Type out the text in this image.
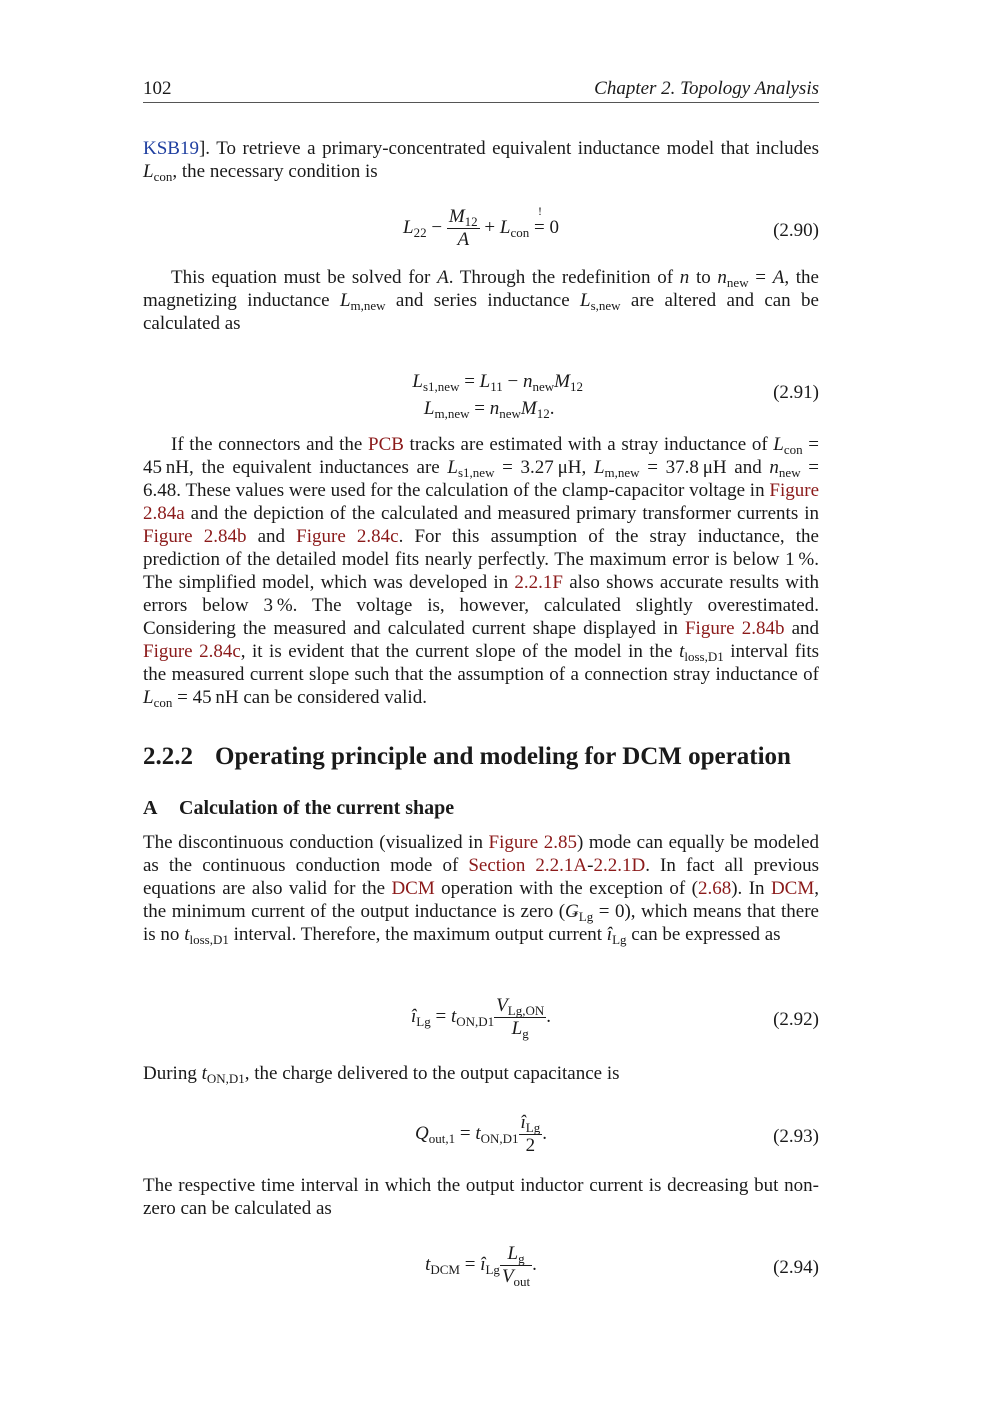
102	Chapter 2. Topology Analysis
KSB19]. To retrieve a primary-concentrated equivalent inductance model that includes $L_{con}$, the necessary condition is
$L_{22} - \frac{M_{12}}{A} + L_{con}$ =
!
0	(2.90)
This equation must be solved for A. Through the redefinition of n to $n_{new} = A$, the magnetizing inductance $L_{m,new}$ and series inductance $L_{s,new}$ are altered and can be calculated as
$L_{s1,new} = L_{11} - n_{new}M_{12}$
$L_{m,new} = n_{new}M_{12}$.
(2.91)
If the connectors and the PCB tracks are estimated with a stray inductance of $L_{con} = 45$ nH, the equivalent inductances are $L_{s1,new} = 3.27$ μH, $L_{m,new} = 37.8$ μH and $n_{new} = 6.48$. These values were used for the calculation of the clamp-capacitor voltage in Figure 2.84a and the depiction of the calculated and measured primary transformer currents in Figure 2.84b and Figure 2.84c. For this assumption of the stray inductance, the prediction of the detailed model fits nearly perfectly. The maximum error is below 1 %. The simplified model, which was developed in 2.2.1F also shows accurate results with errors below 3 %. The voltage is, however, calculated slightly overestimated. Considering the measured and calculated current shape displayed in Figure 2.84b and Figure 2.84c, it is evident that the current slope of the model in the $t_{loss,D1}$ interval fits the measured current slope such that the assumption of a connection stray inductance of $L_{con} = 45$ nH can be considered valid.
2.2.2 Operating principle and modeling for DCM operation
A Calculation of the current shape
The discontinuous conduction (visualized in Figure 2.85) mode can equally be modeled as the continuous conduction mode of Section 2.2.1A-2.2.1D. In fact all previous equations are also valid for the DCM operation with the exception of (2.68). In DCM, the minimum current of the output inductance is zero $(Ǥ_{Lg} = 0)$, which means that there is no $t_{loss,D1}$ interval. Therefore, the maximum output current $î_{Lg}$ can be expressed as
$î_{Lg} = t_{ON,D1} \frac{V_{Lg,ON}}{L_g}$ .	(2.92)
During $t_{ON,D1}$, the charge delivered to the output capacitance is
$Q_{out,1} = t_{ON,D1} \frac{î_{Lg}}{2}$ .	(2.93)
The respective time interval in which the output inductor current is decreasing but non-zero can be calculated as
$t_{DCM}$ = $î_{Lg} \frac{L_g}{V_{out}}$ .	(2.94)
